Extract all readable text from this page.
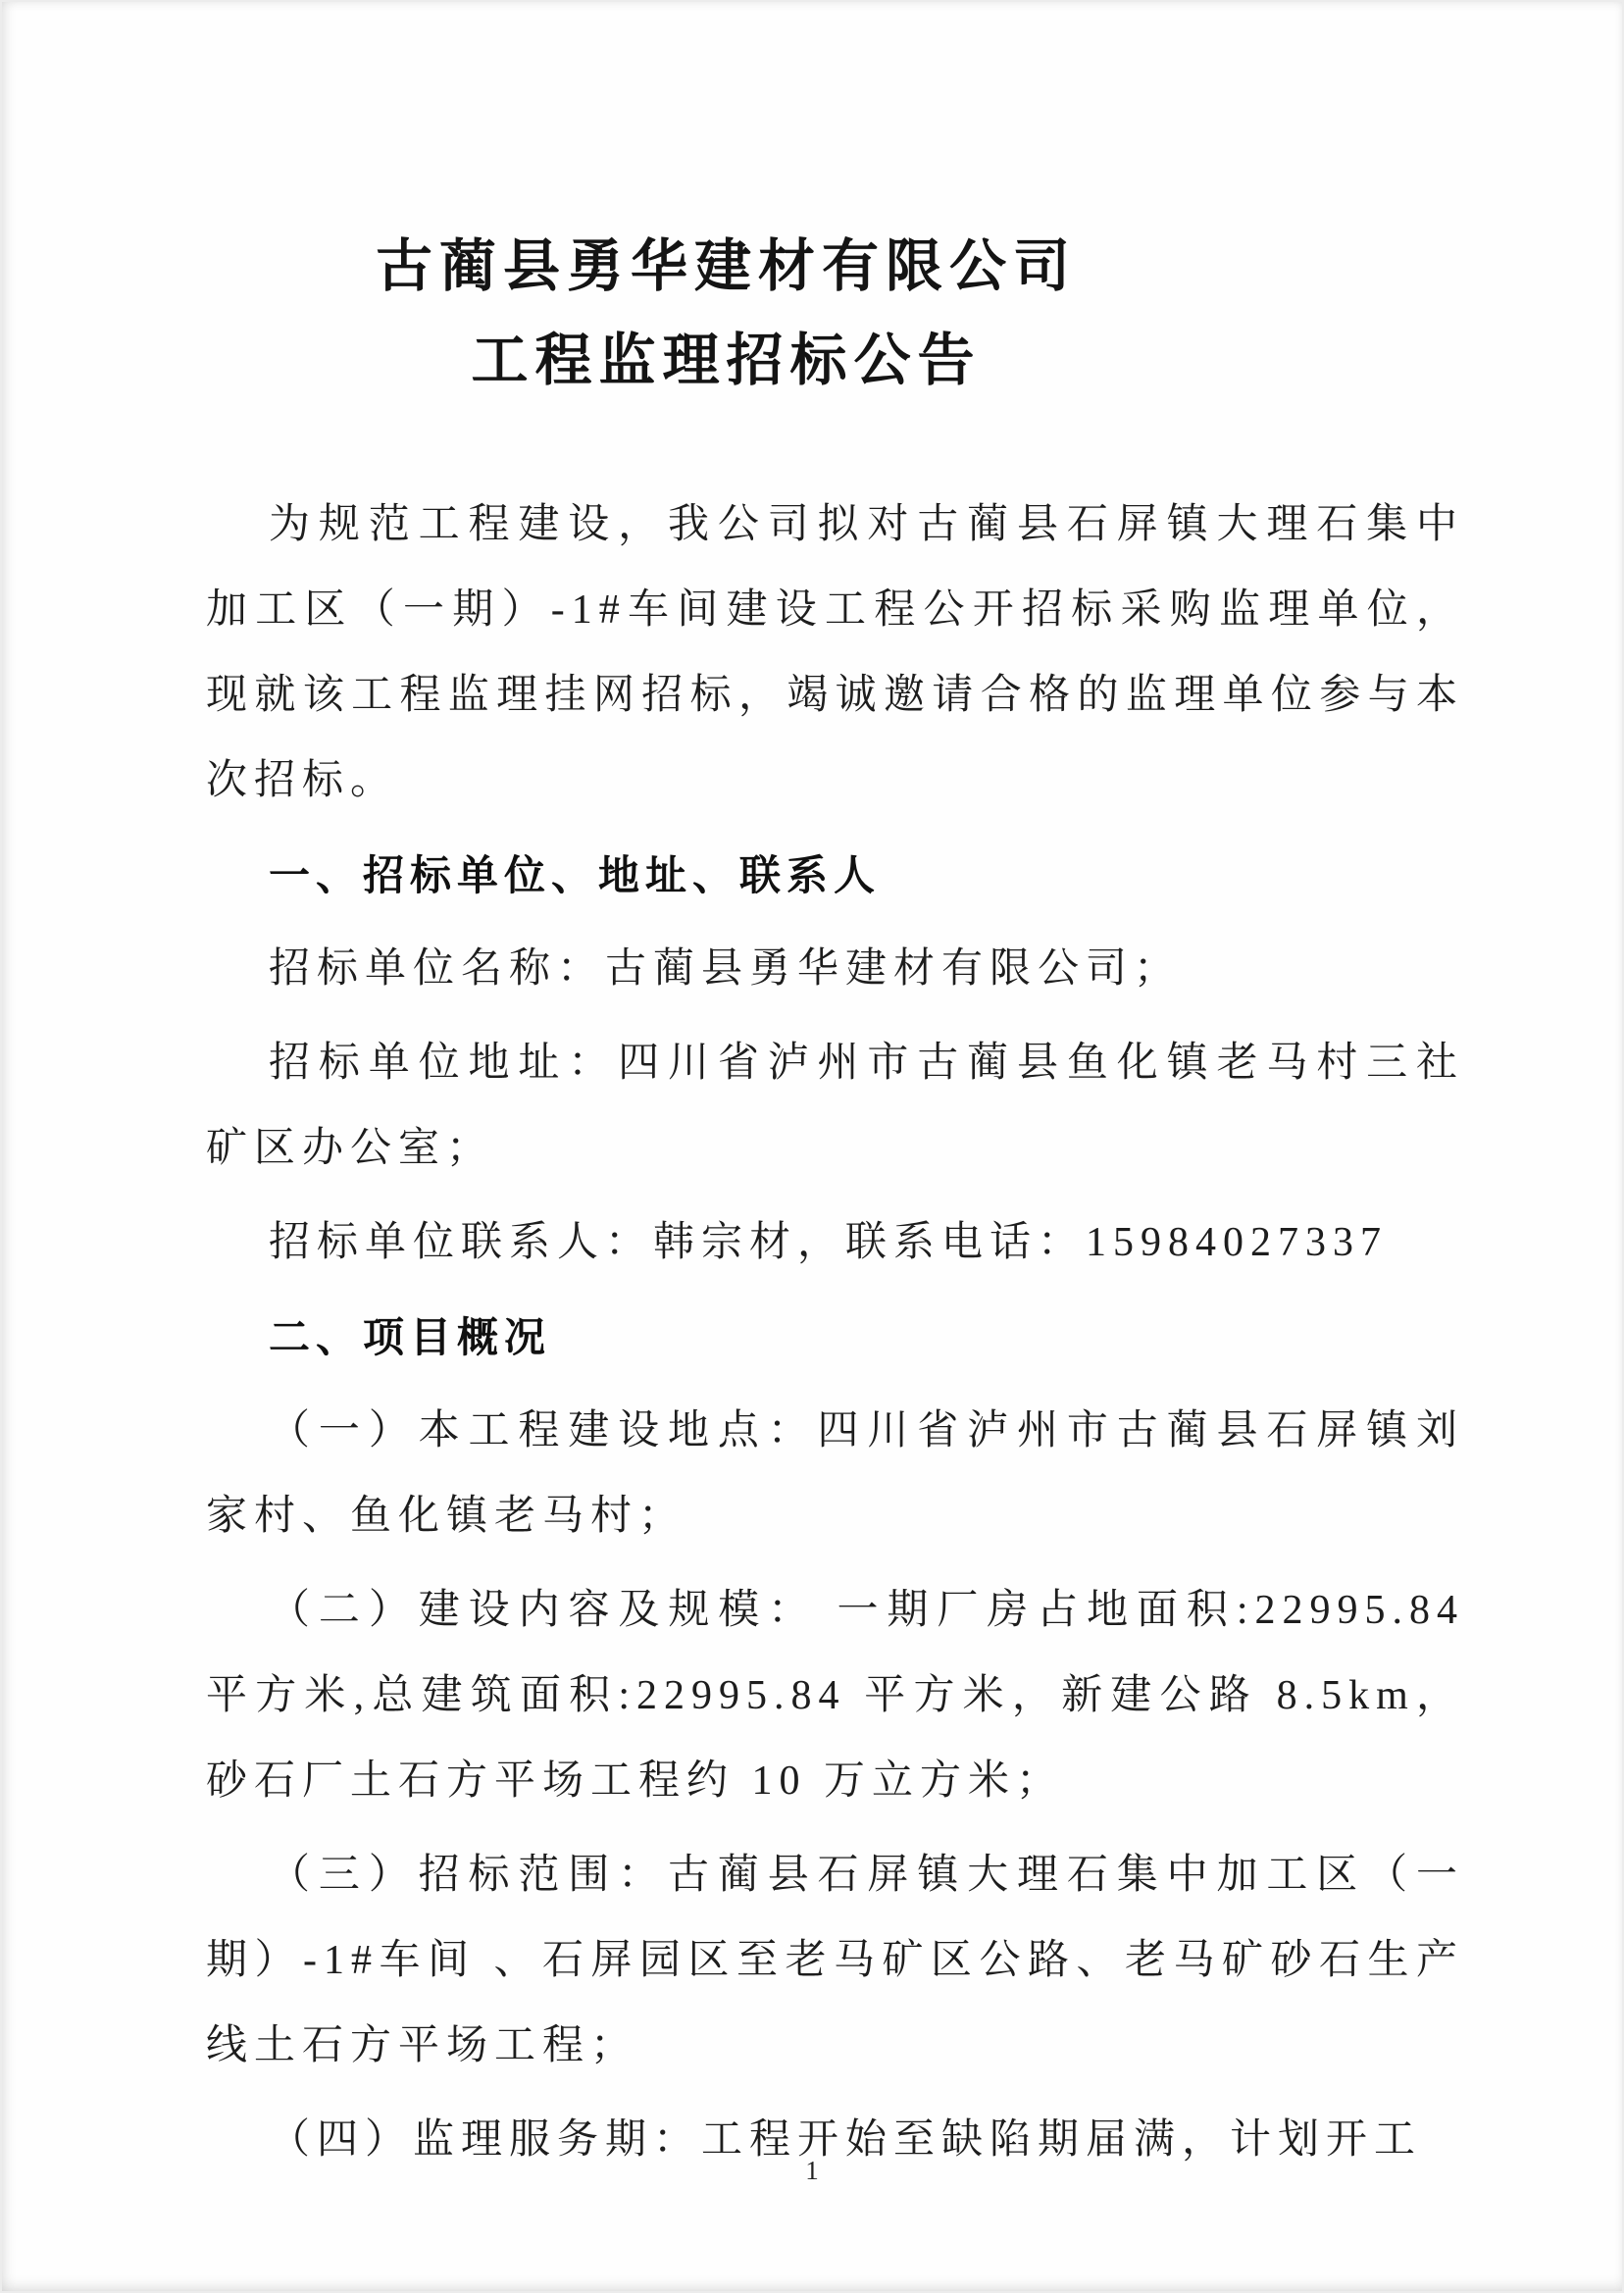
古蔺县勇华建材有限公司
工程监理招标公告

为规范工程建设，我公司拟对古蔺县石屏镇大理石集中加工区（一期）-1#车间建设工程公开招标采购监理单位，现就该工程监理挂网招标，竭诚邀请合格的监理单位参与本次招标。

一、招标单位、地址、联系人

招标单位名称：古蔺县勇华建材有限公司；

招标单位地址：四川省泸州市古蔺县鱼化镇老马村三社矿区办公室；

招标单位联系人：韩宗材，联系电话：15984027337

二、项目概况

（一）本工程建设地点：四川省泸州市古蔺县石屏镇刘家村、鱼化镇老马村；

（二）建设内容及规模： 一期厂房占地面积:22995.84 平方米,总建筑面积:22995.84 平方米，新建公路 8.5km，砂石厂土石方平场工程约 10 万立方米；

（三）招标范围：古蔺县石屏镇大理石集中加工区（一期）-1#车间 、石屏园区至老马矿区公路、老马矿砂石生产线土石方平场工程；

（四）监理服务期：工程开始至缺陷期届满，计划开工

1
